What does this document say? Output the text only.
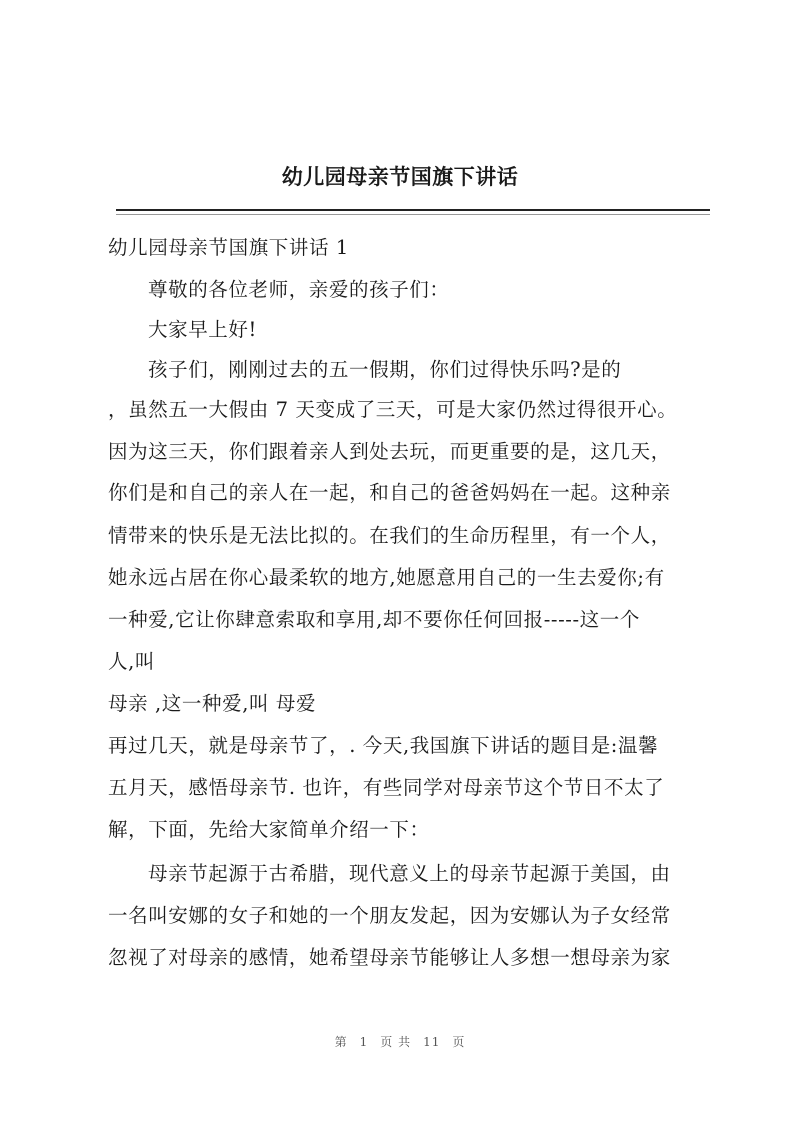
幼儿园母亲节国旗下讲话
幼儿园母亲节国旗下讲话 1
尊敬的各位老师，亲爱的孩子们：
大家早上好!
孩子们，刚刚过去的五一假期，你们过得快乐吗?是的
，虽然五一大假由 7 天变成了三天，可是大家仍然过得很开心。
因为这三天，你们跟着亲人到处去玩，而更重要的是，这几天，
你们是和自己的亲人在一起，和自己的爸爸妈妈在一起。这种亲
情带来的快乐是无法比拟的。在我们的生命历程里，有一个人，
她永远占居在你心最柔软的地方,她愿意用自己的一生去爱你;有
一种爱,它让你肆意索取和享用,却不要你任何回报-----这一个
人,叫
母亲 ,这一种爱,叫 母爱
再过几天，就是母亲节了，. 今天,我国旗下讲话的题目是:温馨
五月天，感悟母亲节. 也许，有些同学对母亲节这个节日不太了
解，下面，先给大家简单介绍一下：
母亲节起源于古希腊，现代意义上的母亲节起源于美国，由
一名叫安娜的女子和她的一个朋友发起，因为安娜认为子女经常
忽视了对母亲的感情，她希望母亲节能够让人多想一想母亲为家
第 1 页 共 11 页
